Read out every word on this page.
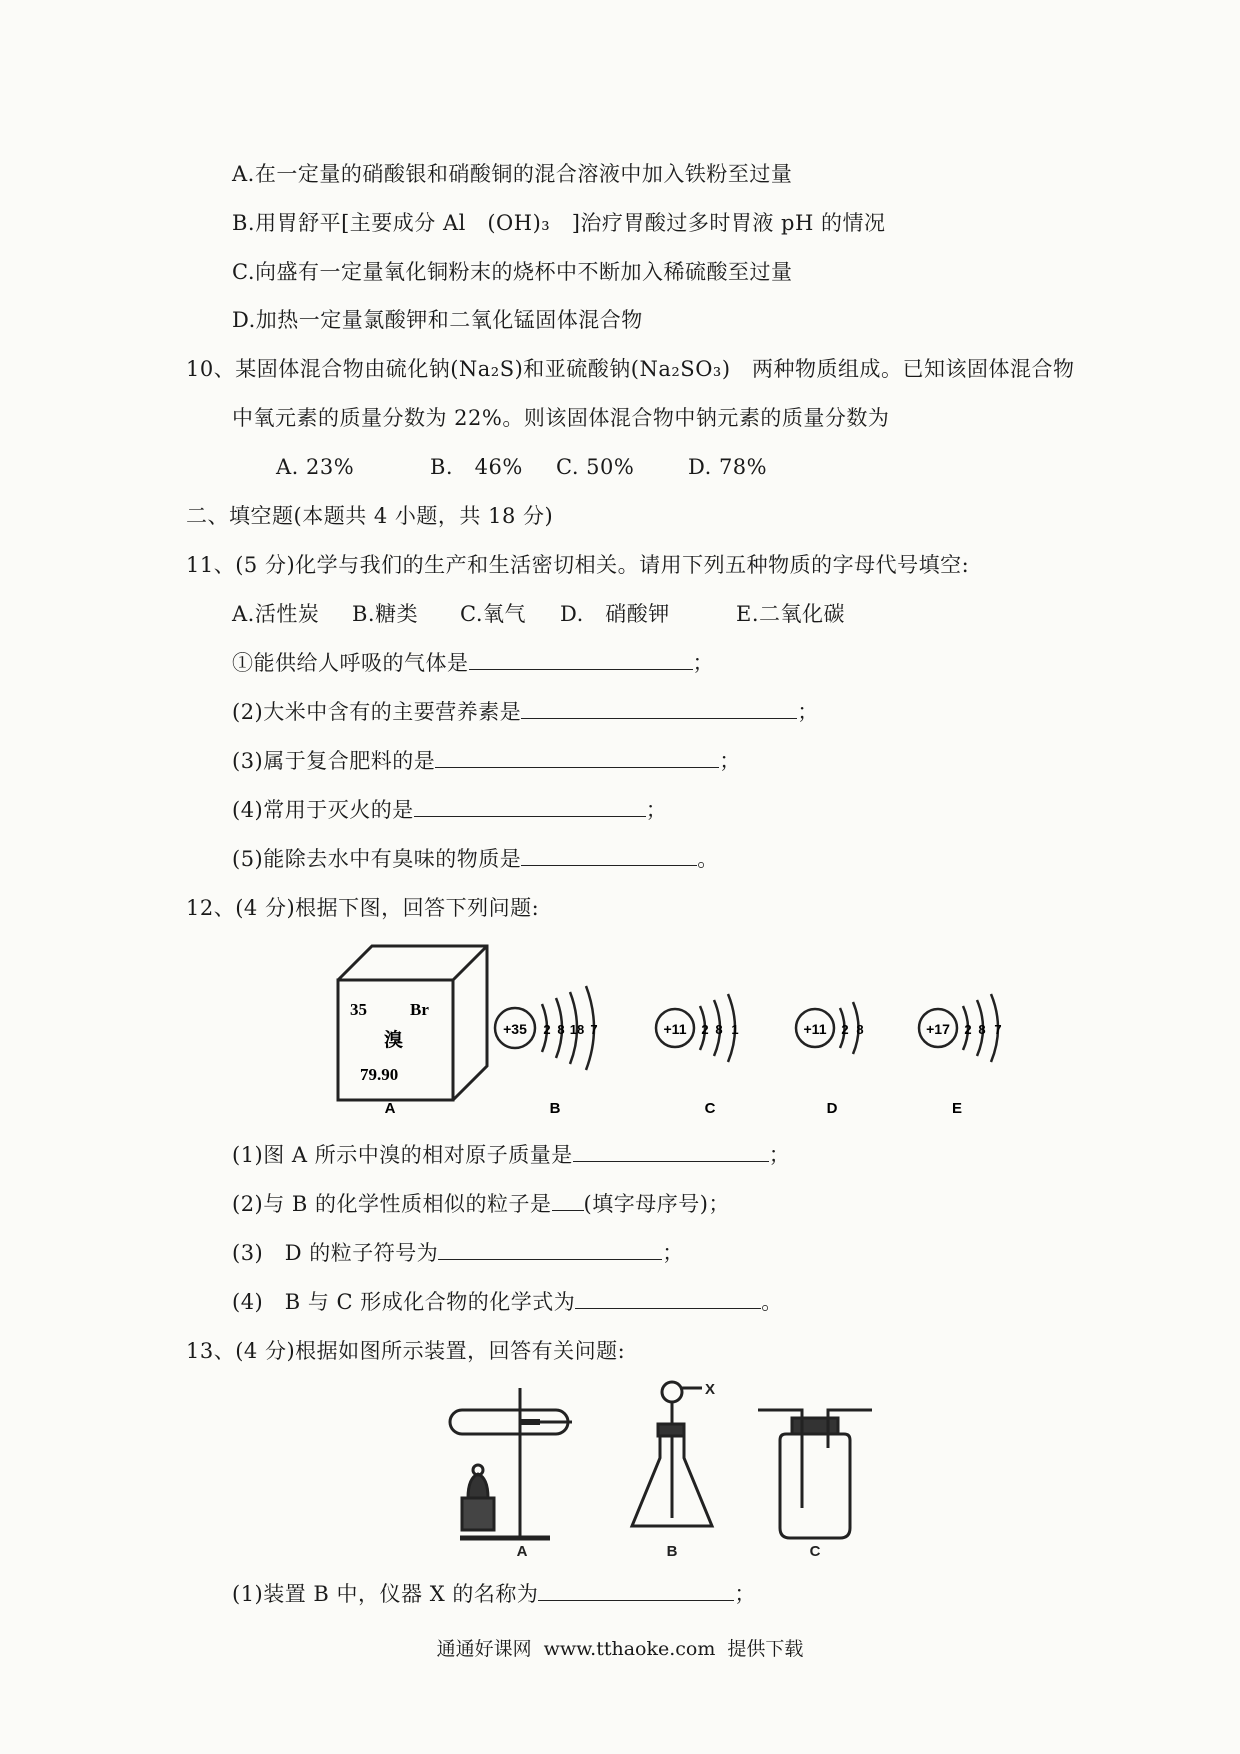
A.在一定量的硝酸银和硝酸铜的混合溶液中加入铁粉至过量
B.用胃舒平[主要成分 Al　(OH)₃　]治疗胃酸过多时胃液 pH 的情况
C.向盛有一定量氧化铜粉末的烧杯中不断加入稀硫酸至过量
D.加热一定量氯酸钾和二氧化锰固体混合物
10、某固体混合物由硫化钠(Na₂S)和亚硫酸钠(Na₂SO₃)　两种物质组成。已知该固体混合物
中氧元素的质量分数为 22%。则该固体混合物中钠元素的质量分数为
A. 23%	B.　46% C. 50%	D. 78%
二、填空题(本题共 4 小题，共 18 分)
11、(5 分)化学与我们的生产和生活密切相关。请用下列五种物质的字母代号填空:
A.活性炭 B.糖类 C.氧气 D.　硝酸钾	E.二氧化碳
①能供给人呼吸的气体是	；
(2)大米中含有的主要营养素是	；
(3)属于复合肥料的是	；
(4)常用于灭火的是	；
(5)能除去水中有臭味的物质是	。
12、(4 分)根据下图，回答下列问题:
35	Br
溴
79.90
+35 2 8 18 7	+11 2 8 1	+11 2 8	+17 2 8 7
A	B	C	D	E
(1)图 A 所示中溴的相对原子质量是	；
(2)与 B 的化学性质相似的粒子是 (填字母序号)；
(3)　D 的粒子符号为	；
(4)　B 与 C 形成化合物的化学式为	。
13、(4 分)根据如图所示装置，回答有关问题:
X
A	B	C
(1)装置 B 中，仪器 X 的名称为	；
通通好课网 www.tthaoke.com 提供下载
